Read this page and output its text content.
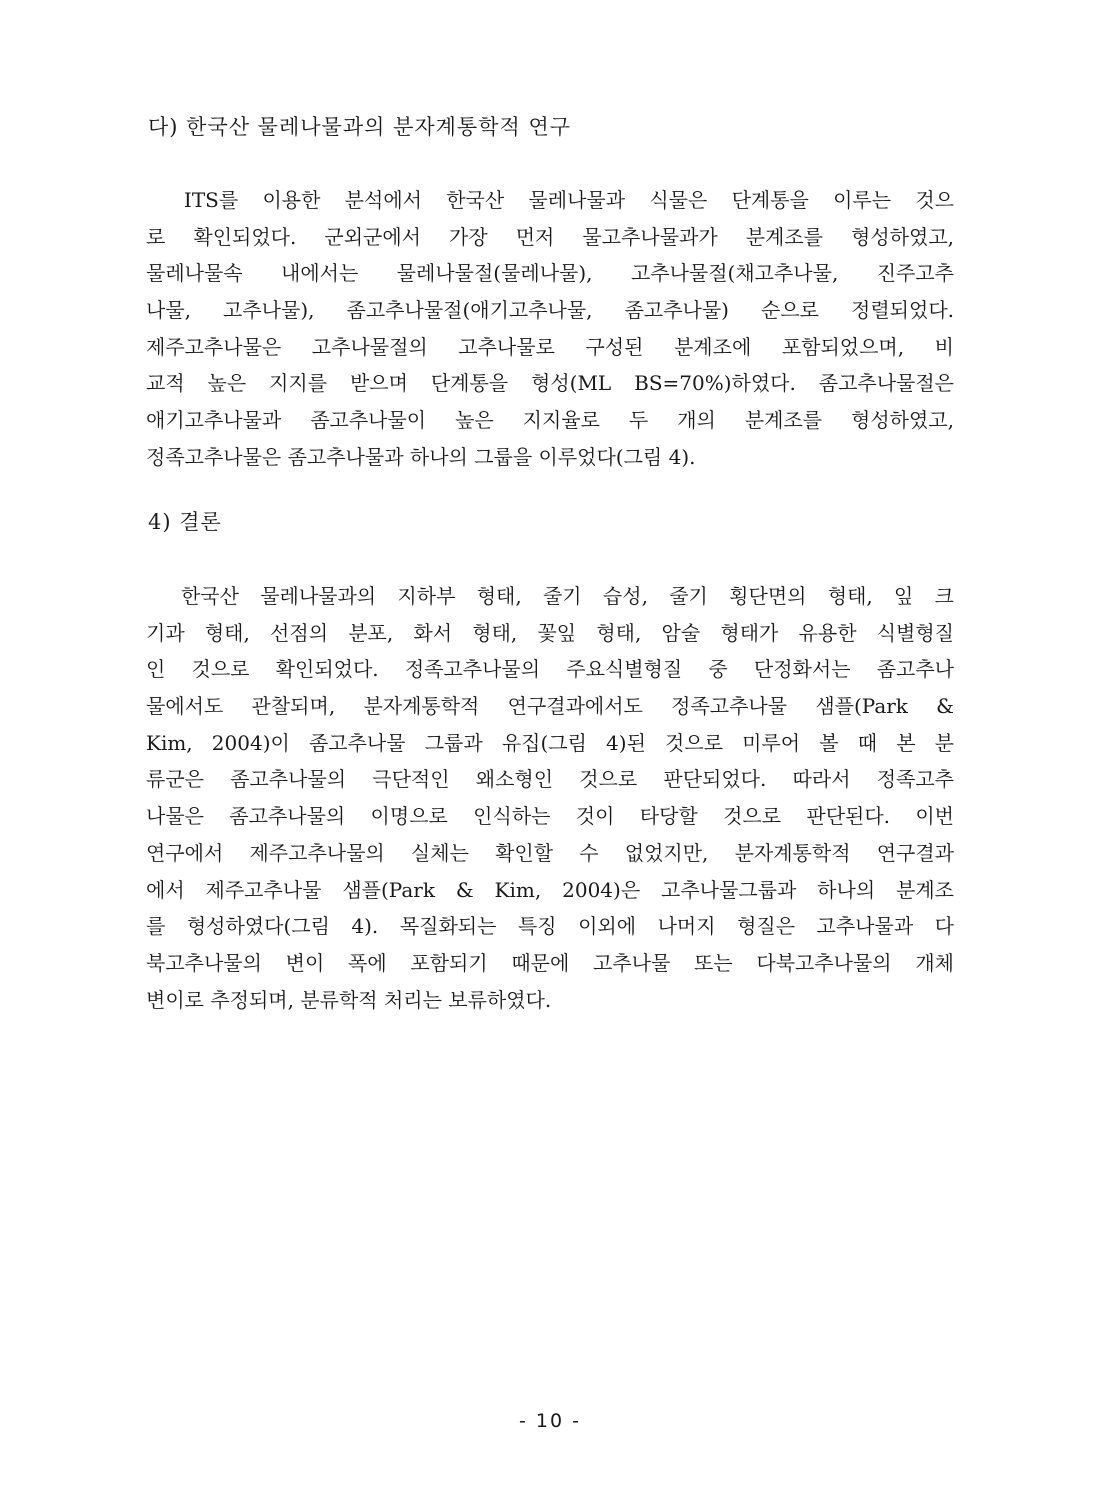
다) 한국산 물레나물과의 분자계통학적 연구
　ITS를 이용한 분석에서 한국산 물레나물과 식물은 단계통을 이루는 것으
로 확인되었다. 군외군에서 가장 먼저 물고추나물과가 분계조를 형성하였고,
물레나물속 내에서는 물레나물절(물레나물), 고추나물절(채고추나물, 진주고추
나물, 고추나물), 좀고추나물절(애기고추나물, 좀고추나물) 순으로 정렬되었다.
제주고추나물은 고추나물절의 고추나물로 구성된 분계조에 포함되었으며, 비
교적 높은 지지를 받으며 단계통을 형성(ML BS=70%)하였다. 좀고추나물절은
애기고추나물과 좀고추나물이 높은 지지율로 두 개의 분계조를 형성하였고,
정족고추나물은 좀고추나물과 하나의 그룹을 이루었다(그림 4).
4) 결론
　한국산 물레나물과의 지하부 형태, 줄기 습성, 줄기 횡단면의 형태, 잎 크
기과 형태, 선점의 분포, 화서 형태, 꽃잎 형태, 암술 형태가 유용한 식별형질
인 것으로 확인되었다. 정족고추나물의 주요식별형질 중 단정화서는 좀고추나
물에서도 관찰되며, 분자계통학적 연구결과에서도 정족고추나물 샘플(Park &
Kim, 2004)이 좀고추나물 그룹과 유집(그림 4)된 것으로 미루어 볼 때 본 분
류군은 좀고추나물의 극단적인 왜소형인 것으로 판단되었다. 따라서 정족고추
나물은 좀고추나물의 이명으로 인식하는 것이 타당할 것으로 판단된다. 이번
연구에서 제주고추나물의 실체는 확인할 수 없었지만, 분자계통학적 연구결과
에서 제주고추나물 샘플(Park & Kim, 2004)은 고추나물그룹과 하나의 분계조
를 형성하였다(그림 4). 목질화되는 특징 이외에 나머지 형질은 고추나물과 다
북고추나물의 변이 폭에 포함되기 때문에 고추나물 또는 다북고추나물의 개체
변이로 추정되며, 분류학적 처리는 보류하였다.
- 10 -
